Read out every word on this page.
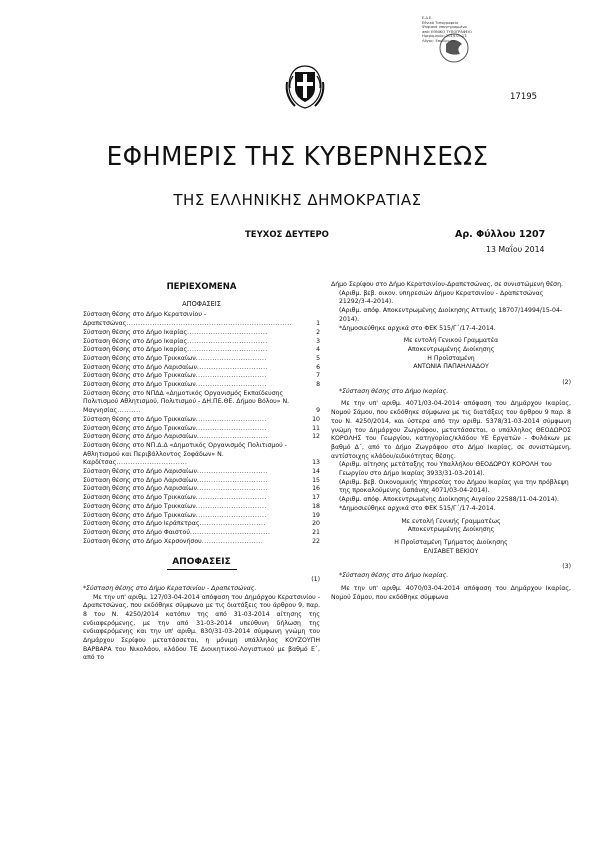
Ε.Δ.Ε.
Εθνικό Τυπογραφείο
Ψηφιακά υπογεγραμμένο
από: ΕΘΝΙΚΟ ΤΥΠΟΓΡΑΦΕΙΟ
Ημερομηνία: 2014.05.13
Λόγος: Επικύρωση
17195
ΕΦΗΜΕΡΙΣ ΤΗΣ ΚΥΒΕΡΝΗΣΕΩΣ
ΤΗΣ ΕΛΛΗΝΙΚΗΣ ΔΗΜΟΚΡΑΤΙΑΣ
ΤΕΥΧΟΣ ΔΕΥΤΕΡΟ	Αρ. Φύλλου 1207
13 Μαΐου 2014
ΠΕΡΙΕΧΟΜΕΝΑ
ΑΠΟΦΑΣΕΙΣ
Σύσταση θέσης στο Δήμο Κερατσινίου - Δραπετσώνας......................................................................	1
Σύσταση θέσης στο Δήμο Ικαρίας..................................	2
Σύσταση θέσης στο Δήμο Ικαρίας..................................	3
Σύσταση θέσης στο Δήμο Ικαρίας..................................	4
Σύσταση θέσης στο Δήμο Τρικκαίων..............................	5
Σύσταση θέσης στο Δήμο Λαρισαίων..............................	6
Σύσταση θέσης στο Δήμο Τρικκαίων..............................	7
Σύσταση θέσης στο Δήμο Τρικκαίων..............................	8
Σύσταση θέσης στο ΝΠΔΔ «Δημοτικός Οργανισμός Εκπαίδευσης Πολιτισμού Αθλητισμού, Πολιτισμού - ΔΗ.ΠΕ.ΘΕ. Δήμου Βόλου» Ν. Μαγνησίας..........	9
Σύσταση θέσης στο Δήμο Τρικκαίων..............................	10
Σύσταση θέσης στο Δήμο Τρικκαίων..............................	11
Σύσταση θέσης στο Δήμο Λαρισαίων..............................	12
Σύσταση θέσης στο ΝΠ.Δ.Δ «Δημοτικός Οργανισμός Πολιτισμού - Αθλητισμού και Περιβάλλοντος Σοφάδων» Ν. Καρδίτσας..............................	13
Σύσταση θέσης στο Δήμο Λαρισαίων..............................	14
Σύσταση θέσης στο Δήμο Λαρισαίων..............................	15
Σύσταση θέσης στο Δήμο Λαρισαίων..............................	16
Σύσταση θέσης στο Δήμο Τρικκαίων..............................	17
Σύσταση θέσης στο Δήμο Τρικκαίων..............................	18
Σύσταση θέσης στο Δήμο Τρικκαίων..............................	19
Σύσταση θέσης στο Δήμο Ιεράπετρας............................	20
Σύσταση θέσης στο Δήμο Φαιστού..................................	21
Σύσταση θέσης στο Δήμο Χερσονήσου..........................	22
ΑΠΟΦΑΣΕΙΣ
(1)
*Σύσταση θέσης στο Δήμο Κερατσινίου - Δραπετσώνας.
Με την υπ' αριθμ. 127/03-04-2014 απόφαση του Δημάρχου Κερατσινίου - Δραπετσώνας, που εκδόθηκε σύμφωνα με τις διατάξεις του άρθρου 9, παρ. 8 του Ν. 4250/2014 κατόπιν της από 31-03-2014 αίτησης της ενδιαφερόμενης, με την από 31-03-2014 υπεύθυνη δήλωση της ενδιαφερόμενης και την υπ' αριθμ. 830/31-03-2014 σύμφωνη γνώμη του Δημάρχου Σερίφου μετατάσσεται, η μόνιμη υπάλληλος ΚΟΥΖΟΥΠΗ ΒΑΡΒΑΡΑ του Νικολάου, κλάδου ΤΕ Διοικητικού-Λογιστικού με βαθμό Ε΄, από το
Δήμο Σερίφου στο Δήμο Κερατσινίου-Δραπετσώνας, σε συνιστώμενη θέση.
(Αριθμ. βεβ. οικον. υπηρεσιών Δήμου Κερατσινίου - Δραπετσώνας 21292/3-4-2014).
(Αριθμ. απόφ. Αποκεντρωμένης Διοίκησης Αττικής 18707/14994/15-04-2014).
*Δημοσιεύθηκε αρχικά στο ΦΕΚ 515/Γ΄/17-4-2014.
Με εντολή Γενικού Γραμματέα
Αποκεντρωμένης Διοίκησης
Η Προϊσταμένη
ΑΝΤΩΝΙΑ ΠΑΠΑΗΛΙΑΔΟΥ
(2)
*Σύσταση θέσης στο Δήμο Ικαρίας.
Με την υπ' αριθμ. 4071/03-04-2014 απόφαση του Δημάρχου Ικαρίας, Νομού Σάμου, που εκδόθηκε σύμφωνα με τις διατάξεις του άρθρου 9 παρ. 8 του Ν. 4250/2014, και ύστερα από την αριθμ. 5378/31-03-2014 σύμφωνη γνώμη του Δημάρχου Ζωγράφου, μετατάσσεται, ο υπάλληλος ΘΕΟΔΩΡΟΣ ΚΟΡΟΛΗΣ του Γεωργίου, κατηγορίας/κλάδου ΥΕ Εργατών - Φυλάκων με βαθμό Δ΄, από το Δήμο Ζωγράφου στο Δήμο Ικαρίας, σε συνιστώμενη, αντίστοιχης κλάδου/ειδικότητας θέσης.
(Αριθμ. αίτησης μετάταξης του Υπαλλήλου ΘΕΟΔΩΡΟΥ ΚΟΡΟΛΗ του Γεωργίου στο Δήμο Ικαρίας 3933/31-03-2014).
(Αριθμ. βεβ. Οικονομικής Υπηρεσίας του Δήμου Ικαρίας για την πρόβλεψη της προκαλούμενης δαπάνης 4071/03-04-2014).
(Αριθμ. απόφ. Αποκεντρωμένης Διοίκησης Αιγαίου 22588/11-04-2014).
*Δημοσιεύθηκε αρχικά στο ΦΕΚ 515/Γ΄/17-4-2014.
Με εντολή Γενικής Γραμματέως
Αποκεντρωμένης Διοίκησης
Η Προϊσταμένη Τμήματος Διοίκησης
ΕΛΙΣΑΒΕΤ ΒΕΚΙΟΥ
(3)
*Σύσταση θέσης στο Δήμο Ικαρίας.
Με την υπ' αριθμ. 4070/03-04-2014 απόφαση του Δημάρχου Ικαρίας, Νομού Σάμου, που εκδόθηκε σύμφωνα
